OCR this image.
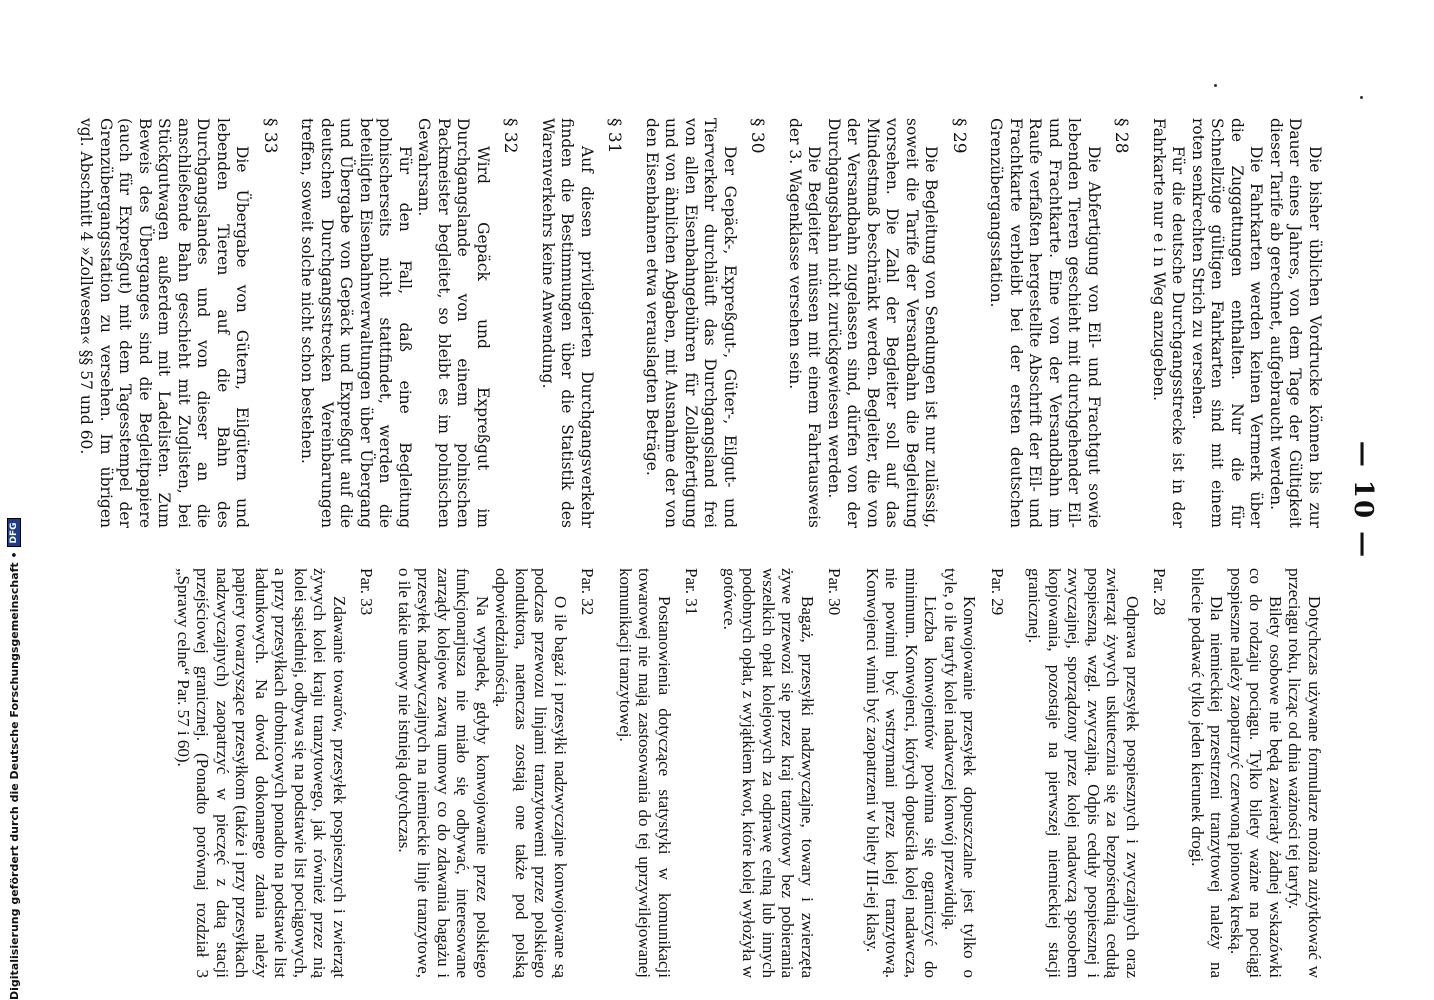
— 10 —

Die bisher üblichen Vordrucke können bis zur Dauer eines Jahres, von dem Tage der Gültigkeit dieser Tarife ab gerechnet, aufgebraucht werden.

Die Fahrkarten werden keinen Vermerk über die Zuggattungen enthalten. Nur die für Schnellzüge gültigen Fahrkarten sind mit einem roten senkrechten Strich zu versehen.

Für die deutsche Durchgangsstrecke ist in der Fahrkarte nur e i n Weg anzugeben.

§ 28

Die Abfertigung von Eil- und Frachtgut sowie lebenden Tieren geschieht mit durchgehender Eil- und Frachtkarte. Eine von der Versandbahn im Raufe verfaßten hergestellte Abschrift der Eil- und Frachtkarte verbleibt bei der ersten deutschen Grenzübergangsstation.

§ 29

Die Begleitung von Sendungen ist nur zulässig, soweit die Tarife der Versandbahn die Begleitung vorsehen. Die Zahl der Begleiter soll auf das Mindestmaß beschränkt werden. Begleiter, die von der Versandbahn zugelassen sind, dürfen von der Durchgangsbahn nicht zurückgewiesen werden.

Die Begleiter müssen mit einem Fahrtausweis der 3. Wagenklasse versehen sein.

§ 30

Der Gepäck-, Expreßgut-, Güter-, Eilgut- und Tierverkehr durchläuft das Durchgangsland frei von allen Eisenbahngebühren für Zollabfertigung und von ähnlichen Abgaben, mit Ausnahme der von den Eisenbahnen etwa verauslagten Beträge.

§ 31

Auf diesen privilegierten Durchgangsverkehr finden die Bestimmungen über die Statistik des Warenverkehrs keine Anwendung.

§ 32

Wird Gepäck und Expreßgut im Durchgangslande von einem polnischen Packmeister begleitet, so bleibt es im polnischen Gewahrsam.

Für den Fall, daß eine Begleitung polnischerseits nicht stattfindet, werden die beteiligten Eisenbahnverwaltungen über Übergang und Übergabe von Gepäck und Expreßgut auf die deutschen Durchgangsstrecken Vereinbarungen treffen, soweit solche nicht schon bestehen.

§ 33

Die Übergabe von Gütern, Eilgütern und lebenden Tieren auf die Bahn des Durchgangslandes und von dieser an die anschließende Bahn geschieht mit Zuglisten, bei Stückgutwagen außerdem mit Ladelisten. Zum Beweis des Überganges sind die Begleitpapiere (auch für Expreßgut) mit dem Tagesstempel der Grenzübergangsstation zu versehen. Im übrigen vgl. Abschnitt 4 »Zollwesen« §§ 57 und 60.

Dotychczas używane formularze można zużytkować w przeciągu roku, licząc od dnia ważności tej taryfy.

Bilety osobowe nie będą zawierały żadnej wskazówki co do rodzaju pociągu. Tylko bilety ważne na pociągi pospieszne należy zaopatrzyć czerwoną pionową kreską.

Dla niemieckiej przestrzeni tranzytowej należy na bilecie podawać tylko jeden kierunek drogi.

Par. 28

Odprawa przesyłek pospiesznych i zwyczajnych oraz zwierząt żywych uskutecznia się za bezpośrednią cedułą pospieszną, wzgl. zwyczajną. Odpis ceduły pospiesznej i zwyczajnej, sporządzony przez kolej nadawczą sposobem kopjowania, pozostaje na pierwszej niemieckiej stacji granicznej.

Par. 29

Konwojowanie przesyłek dopuszczalne jest tylko o tyle, o ile taryfy kolei nadawczej konwój przewidują.

Liczba konwojentów powinna się ograniczyć do minimum. Konwojenci, których dopuściła kolej nadawcza, nie powinni być wstrzymani przez kolej tranzytową. Konwojenci winni być zaopatrzeni w bilety III-iej klasy.

Par. 30

Bagaż, przesyłki nadzwyczajne, towary i zwierzęta żywe przewozi się przez kraj tranzytowy bez pobierania wszelkich opłat kolejowych za odprawę celną lub innych podobnych opłat, z wyjątkiem kwot, które kolej wyłożyła w gotówce.

Par. 31

Postanowienia dotyczące statystyki w komunikacji towarowej nie mają zastosowania do tej uprzywilejowanej komunikacji tranzytowej.

Par. 32

O ile bagaż i przesyłki nadzwyczajne konwojowane są podczas przewozu linjami tranzytowemi przez polskiego konduktora, natenczas zostają one także pod polską odpowiedzialnością.

Na wypadek, gdyby konwojowanie przez polskiego funkcjonarjusza nie miało się odbywać, interesowane zarządy kolejowe zawrą umowy co do zdawania bagażu i przesyłek nadzwyczajnych na niemieckie linje tranzytowe, o ile takie umowy nie istnieją dotychczas.

Par. 33

Zdawanie towarów, przesyłek pospiesznych i zwierząt żywych kolei kraju tranzytowego, jak również przez nią kolei sąsiedniej, odbywa się na podstawie list pociągowych, a przy przesyłkach drobnicowych ponadto na podstawie list ładunkowych. Na dowód dokonanego zdania należy papiery towarzyszące przesyłkom (także i przy przesyłkach nadzwyczajnych) zaopatrzyć w pieczęć z datą stacji przejściowej granicznej. (Ponadto porównaj rozdział 3 „Sprawy celne“ Par. 57 i 60).

Digitalisierung gefördert durch die Deutsche Forschungsgemeinschaft •
DFG
